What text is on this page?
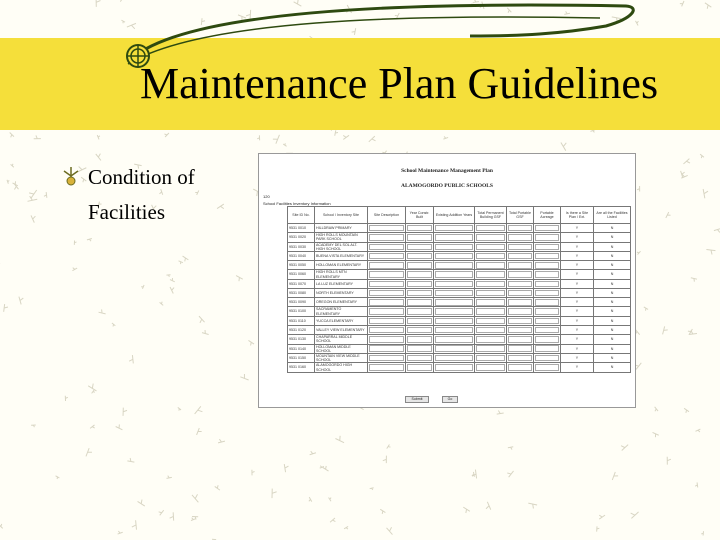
Maintenance Plan Guidelines
Condition of Facilities
School Maintenance Management Plan
ALAMOGORDO PUBLIC SCHOOLS
120
School Facilities Inventory Information
Site ID No.	School / Inventory Site	Site Description	Year Constr. Built	Existing Addition Years	Total Permanent Building GSF	Total Portable GSF	Portable Acreage	Is there a Site Plan / Ext.	Are all the Facilities Listed
9531 0010	HILLDRAW PRIMARY							Y	N
9531 0020	HIGH ROLLS MOUNTAIN PARK SCHOOL							Y	N
9531 0030	ACADEMY DEL SOL ALT. HIGH SCHOOL							Y	N
9531 0040	BUENA VISTA ELEMENTARY							Y	N
9531 0050	HOLLOMAN ELEMENTARY							Y	N
9531 0060	HIGH ROLLS MTN ELEMENTARY							Y	N
9531 0070	LA LUZ ELEMENTARY							Y	N
9531 0080	NORTH ELEMENTARY							Y	N
9531 0090	OREGON ELEMENTARY							Y	N
9531 0100	SACRAMENTO ELEMENTARY							Y	N
9531 0110	YUCCA ELEMENTARY							Y	N
9531 0120	VALLEY VIEW ELEMENTARY							Y	N
9531 0130	CHAPARRAL MIDDLE SCHOOL							Y	N
9531 0140	HOLLOMAN MIDDLE SCHOOL							Y	N
9531 0150	MOUNTAIN VIEW MIDDLE SCHOOL							Y	N
9531 0160	ALAMOGORDO HIGH SCHOOL							Y	N
Submit	Go
